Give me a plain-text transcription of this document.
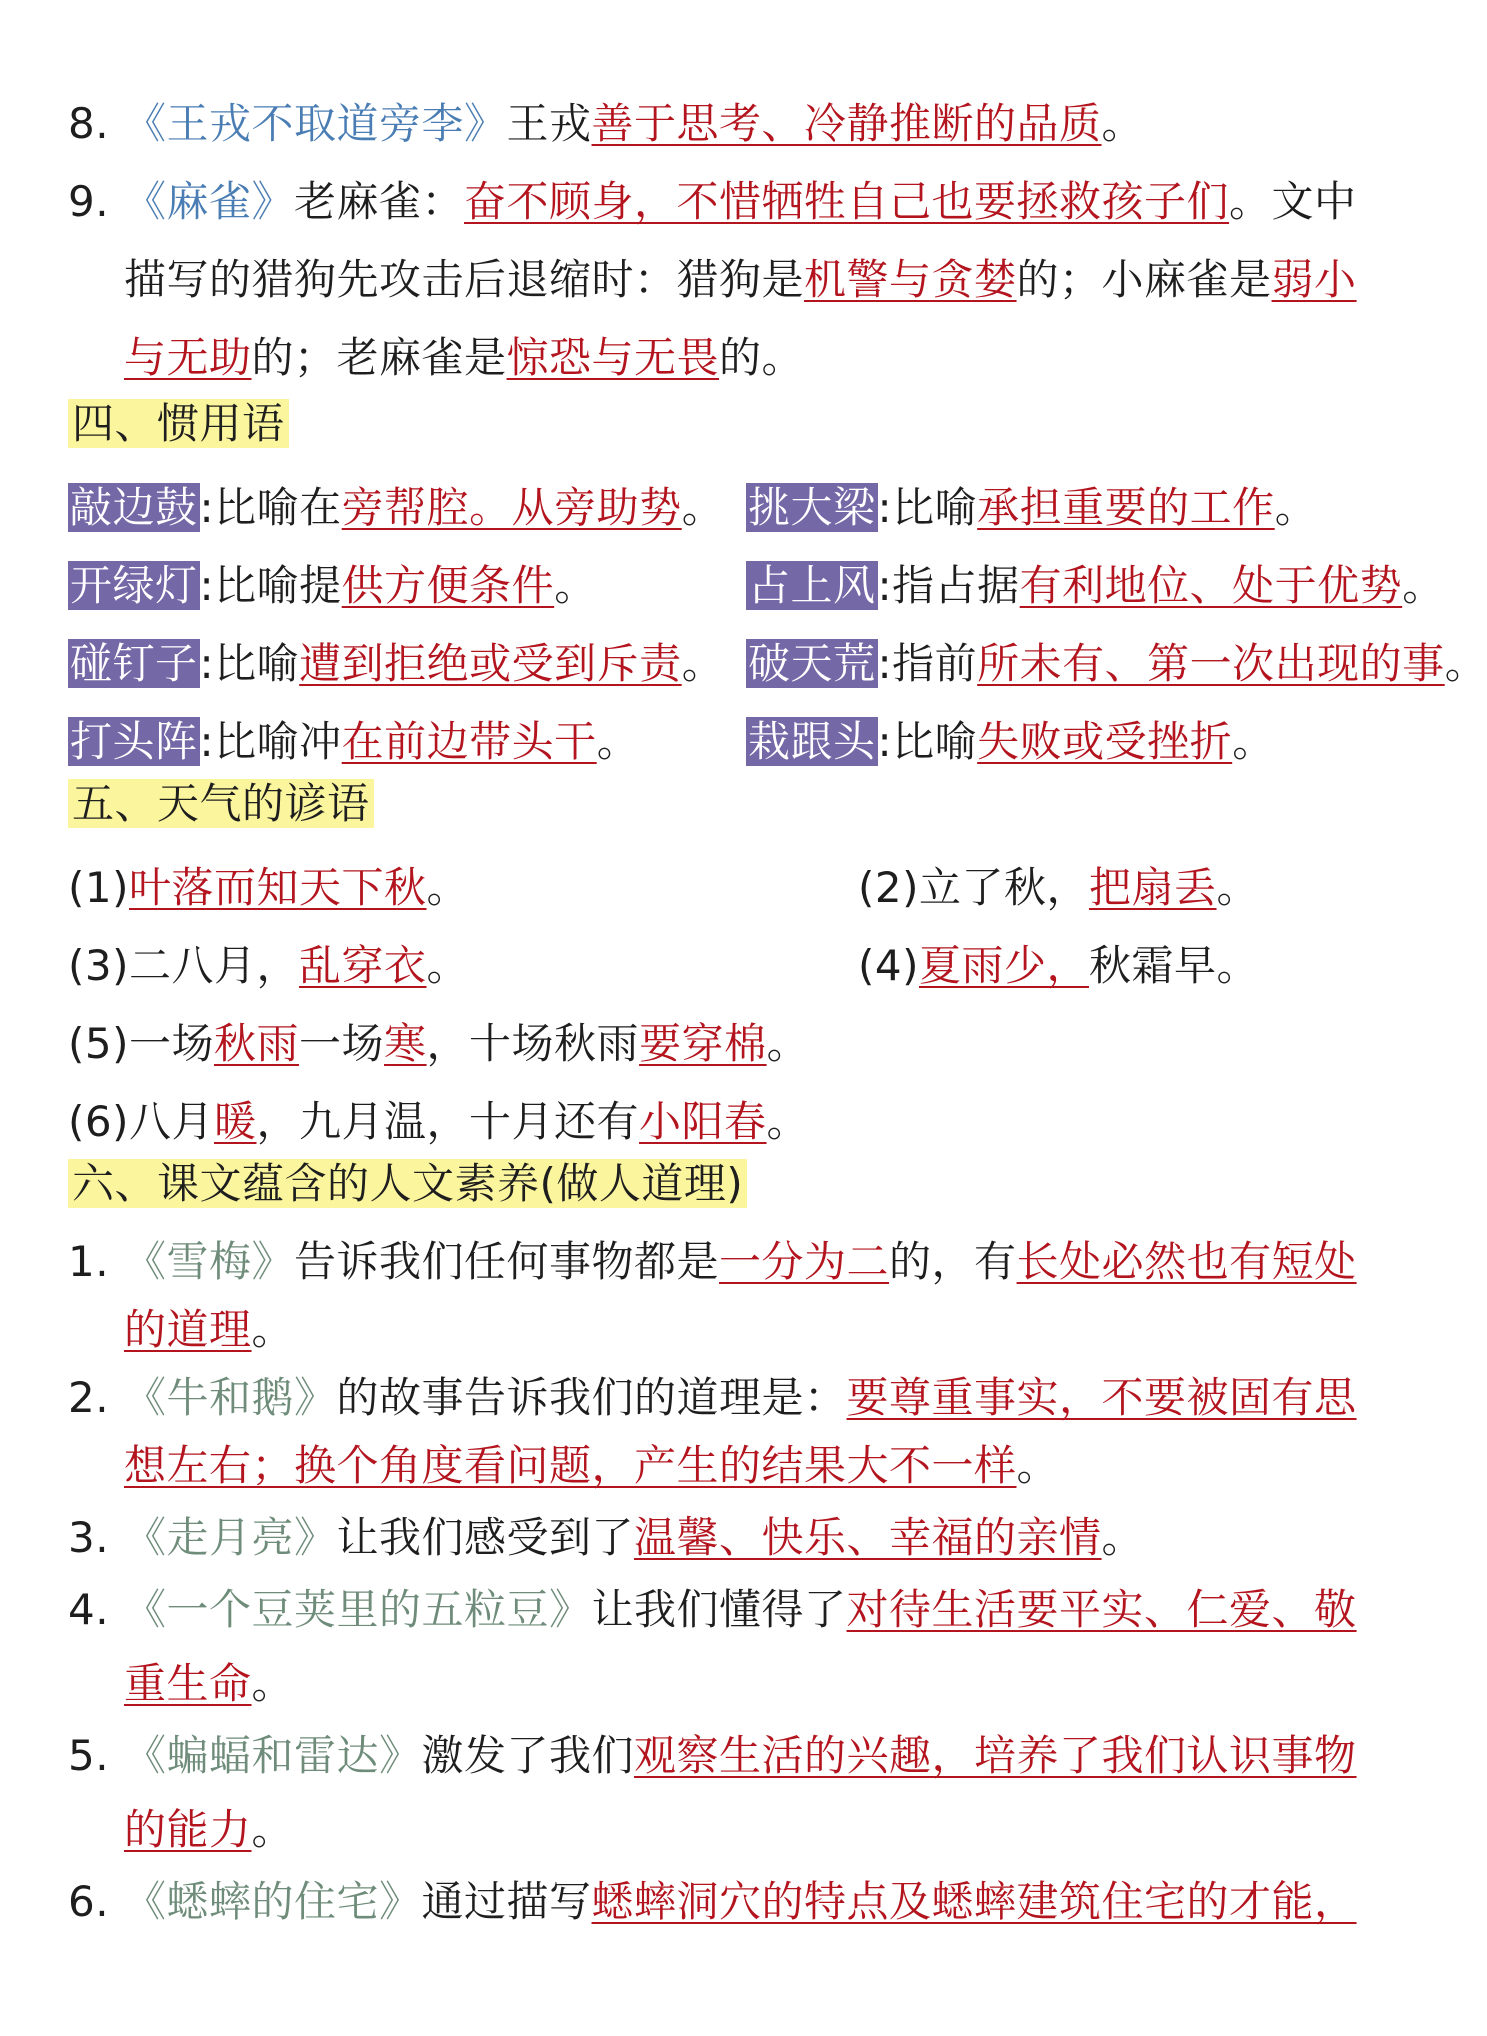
8. 《王戎不取道旁李》王戎善于思考、冷静推断的品质。
9. 《麻雀》老麻雀：奋不顾身，不惜牺牲自己也要拯救孩子们。文中
描写的猎狗先攻击后退缩时：猎狗是机警与贪婪的；小麻雀是弱小
与无助的；老麻雀是惊恐与无畏的。
四、惯用语
敲边鼓:比喻在旁帮腔。从旁助势。 挑大梁:比喻承担重要的工作。
开绿灯:比喻提供方便条件。	占上风:指占据有利地位、处于优势。
碰钉子:比喻遭到拒绝或受到斥责。 破天荒:指前所未有、第一次出现的事。
打头阵:比喻冲在前边带头干。	栽跟头:比喻失败或受挫折。
五、天气的谚语
(1)叶落而知天下秋。	(2)立了秋，把扇丢。
(3)二八月，乱穿衣。	(4)夏雨少，秋霜早。
(5)一场秋雨一场寒，十场秋雨要穿棉。
(6)八月暖，九月温，十月还有小阳春。
六、课文蕴含的人文素养(做人道理)
1. 《雪梅》告诉我们任何事物都是一分为二的，有长处必然也有短处
的道理。
2. 《牛和鹅》的故事告诉我们的道理是：要尊重事实，不要被固有思
想左右；换个角度看问题，产生的结果大不一样。
3. 《走月亮》让我们感受到了温馨、快乐、幸福的亲情。
4. 《一个豆荚里的五粒豆》让我们懂得了对待生活要平实、仁爱、敬
重生命。
5. 《蝙蝠和雷达》激发了我们观察生活的兴趣，培养了我们认识事物
的能力。
6. 《蟋蟀的住宅》通过描写蟋蟀洞穴的特点及蟋蟀建筑住宅的才能，
